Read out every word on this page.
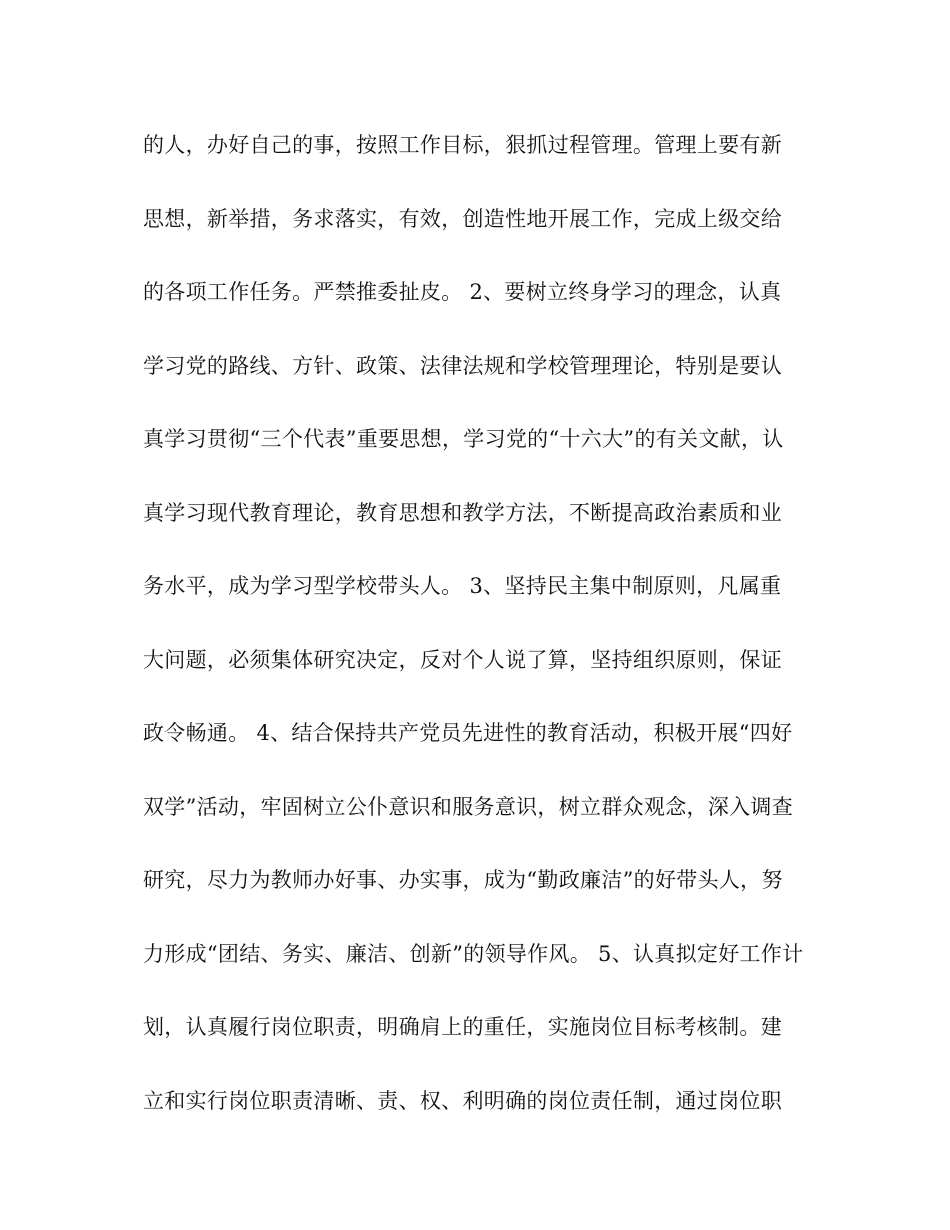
的人，办好自己的事，按照工作目标，狠抓过程管理。管理上要有新
思想，新举措，务求落实，有效，创造性地开展工作，完成上级交给
的各项工作任务。严禁推委扯皮。 2、要树立终身学习的理念，认真
学习党的路线、方针、政策、法律法规和学校管理理论，特别是要认
真学习贯彻“三个代表”重要思想，学习党的“十六大”的有关文献，认
真学习现代教育理论，教育思想和教学方法，不断提高政治素质和业
务水平，成为学习型学校带头人。 3、坚持民主集中制原则，凡属重
大问题，必须集体研究决定，反对个人说了算，坚持组织原则，保证
政令畅通。 4、结合保持共产党员先进性的教育活动，积极开展“四好
双学”活动，牢固树立公仆意识和服务意识，树立群众观念，深入调查
研究，尽力为教师办好事、办实事，成为“勤政廉洁”的好带头人，努
力形成“团结、务实、廉洁、创新”的领导作风。 5、认真拟定好工作计
划，认真履行岗位职责，明确肩上的重任，实施岗位目标考核制。建
立和实行岗位职责清晰、责、权、利明确的岗位责任制，通过岗位职
